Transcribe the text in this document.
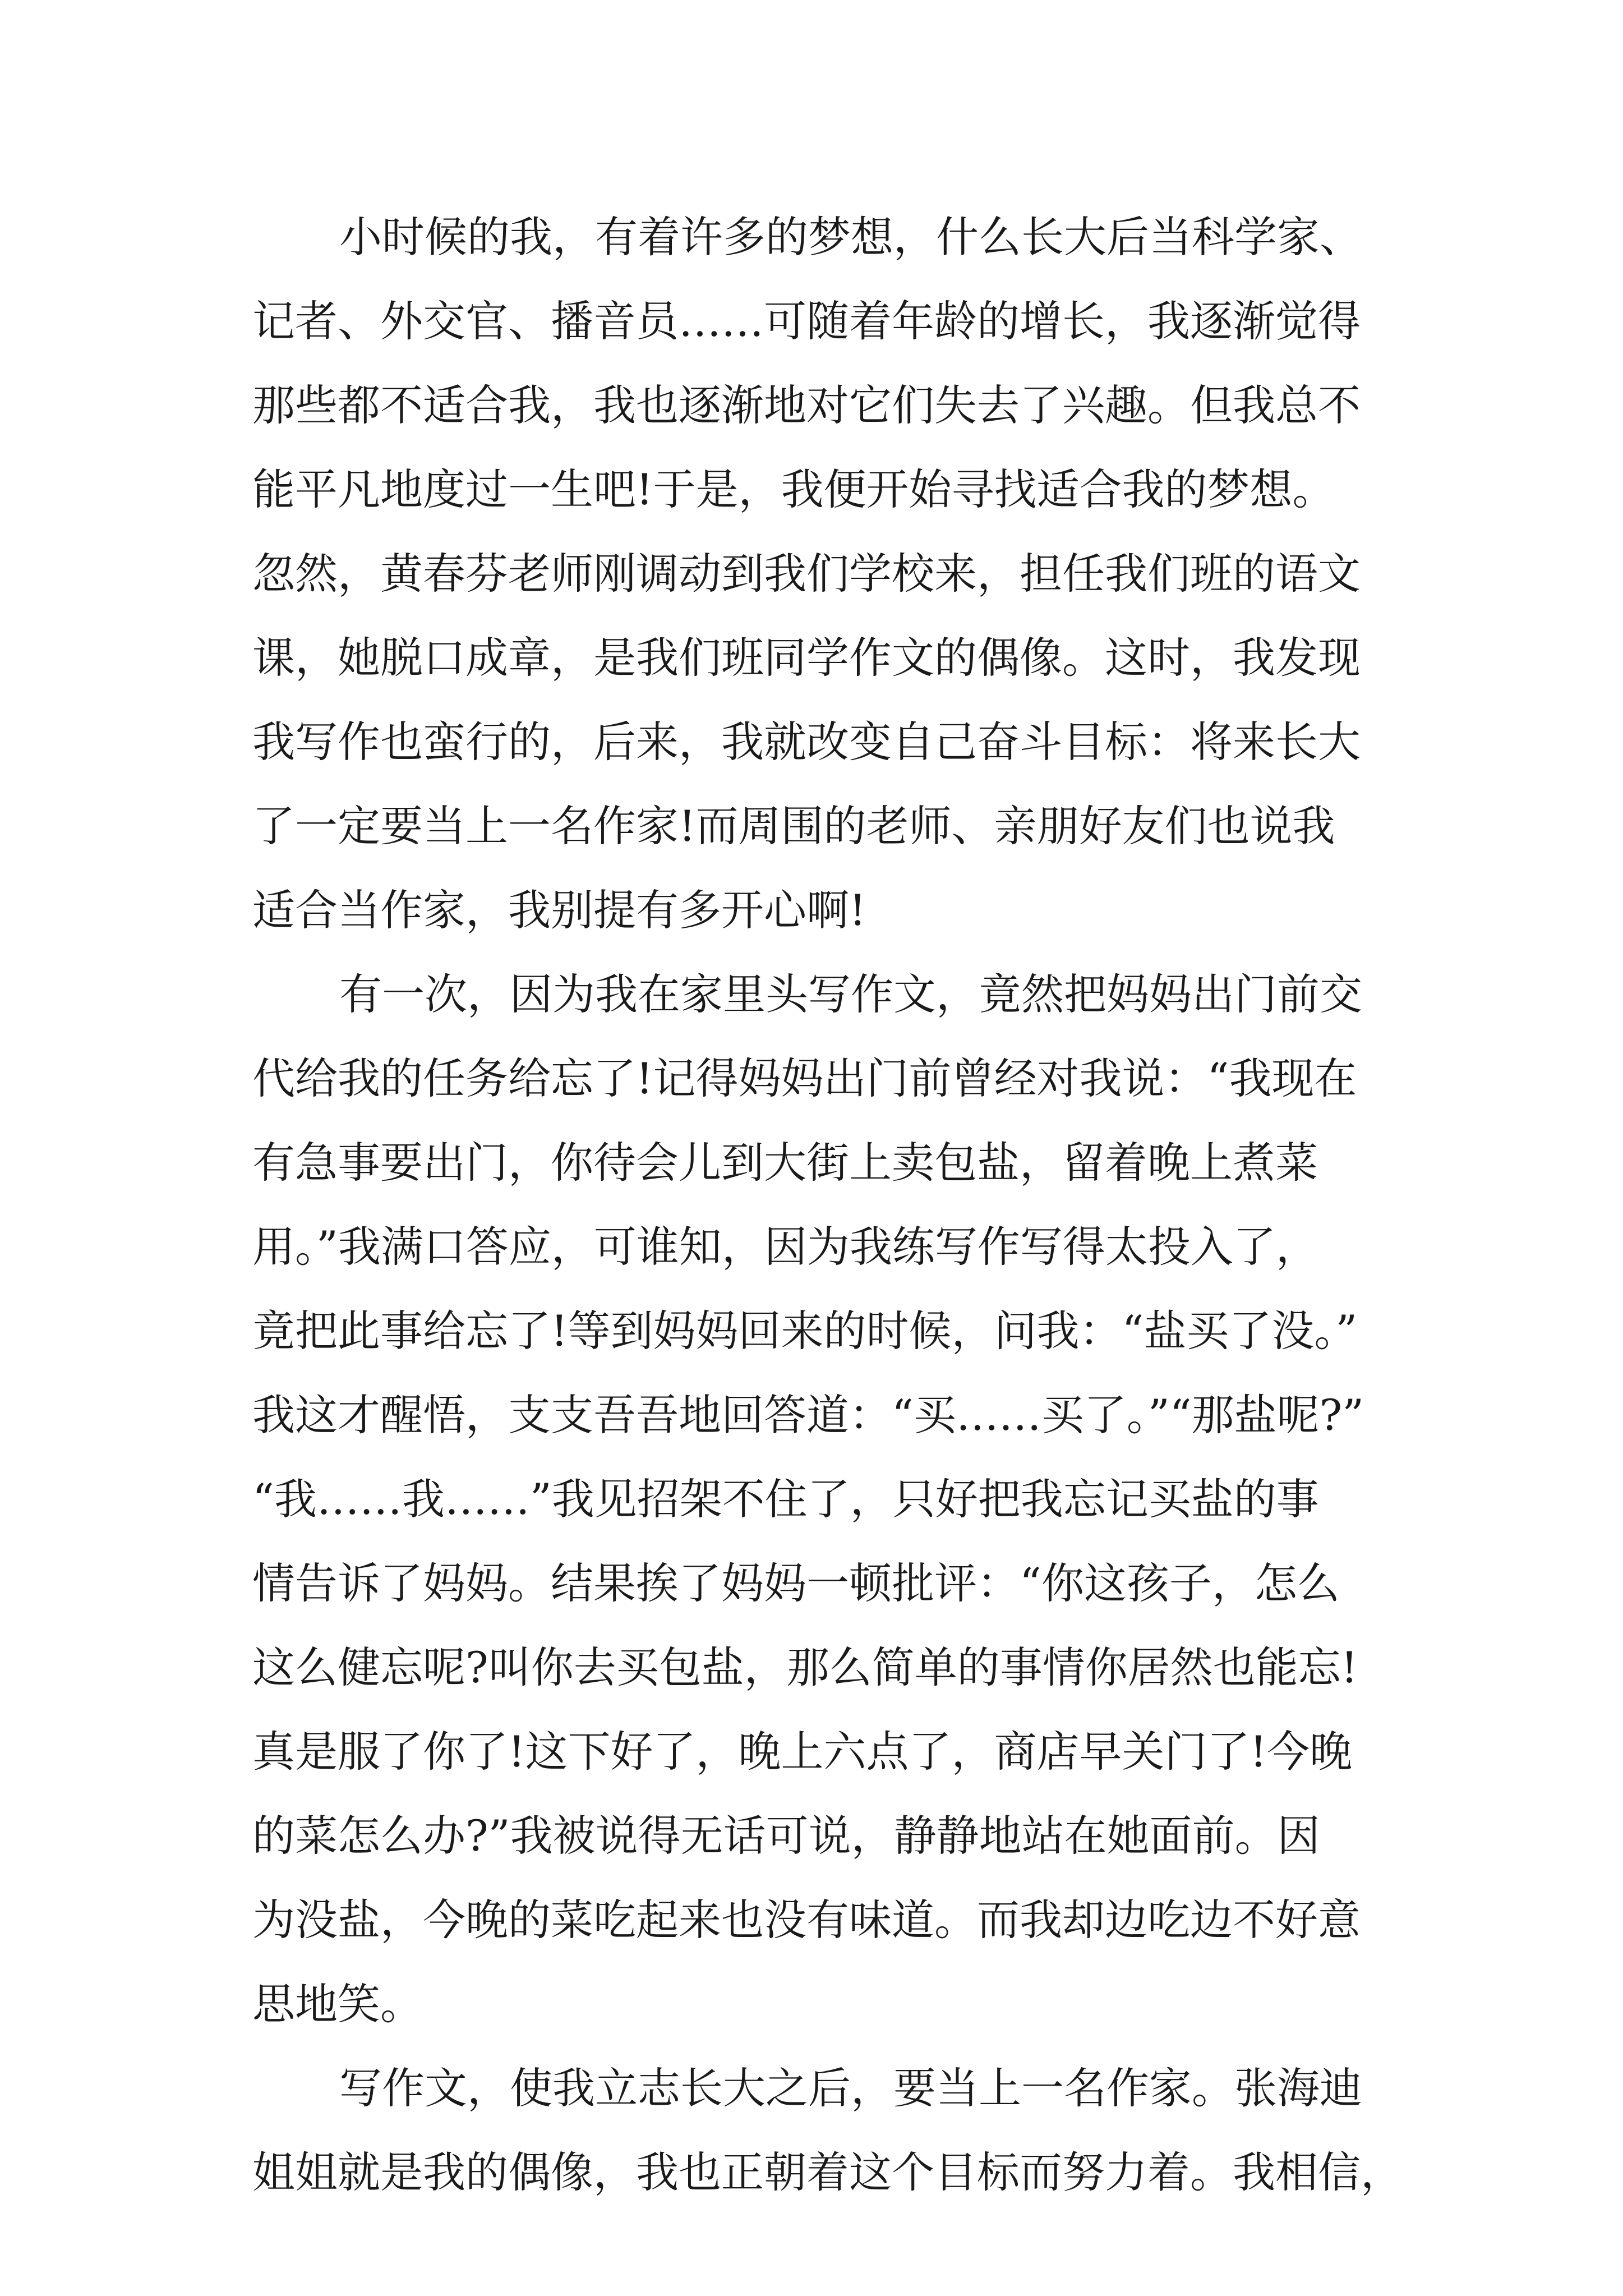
小时候的我，有着许多的梦想，什么长大后当科学家、

记者、外交官、播音员……可随着年龄的增长，我逐渐觉得

那些都不适合我，我也逐渐地对它们失去了兴趣。但我总不

能平凡地度过一生吧!于是，我便开始寻找适合我的梦想。

忽然，黄春芬老师刚调动到我们学校来，担任我们班的语文

课，她脱口成章，是我们班同学作文的偶像。这时，我发现

我写作也蛮行的，后来，我就改变自己奋斗目标：将来长大

了一定要当上一名作家!而周围的老师、亲朋好友们也说我

适合当作家，我别提有多开心啊!

有一次，因为我在家里头写作文，竟然把妈妈出门前交

代给我的任务给忘了!记得妈妈出门前曾经对我说：“我现在

有急事要出门，你待会儿到大街上卖包盐，留着晚上煮菜

用。”我满口答应，可谁知，因为我练写作写得太投入了，

竟把此事给忘了!等到妈妈回来的时候，问我：“盐买了没。”

我这才醒悟，支支吾吾地回答道：“买……买了。”“那盐呢?”

“我……我……”我见招架不住了，只好把我忘记买盐的事

情告诉了妈妈。结果挨了妈妈一顿批评：“你这孩子，怎么

这么健忘呢?叫你去买包盐，那么简单的事情你居然也能忘!

真是服了你了!这下好了，晚上六点了，商店早关门了!今晚

的菜怎么办?”我被说得无话可说，静静地站在她面前。因

为没盐，今晚的菜吃起来也没有味道。而我却边吃边不好意

思地笑。

写作文，使我立志长大之后，要当上一名作家。张海迪

姐姐就是我的偶像，我也正朝着这个目标而努力着。我相信，
